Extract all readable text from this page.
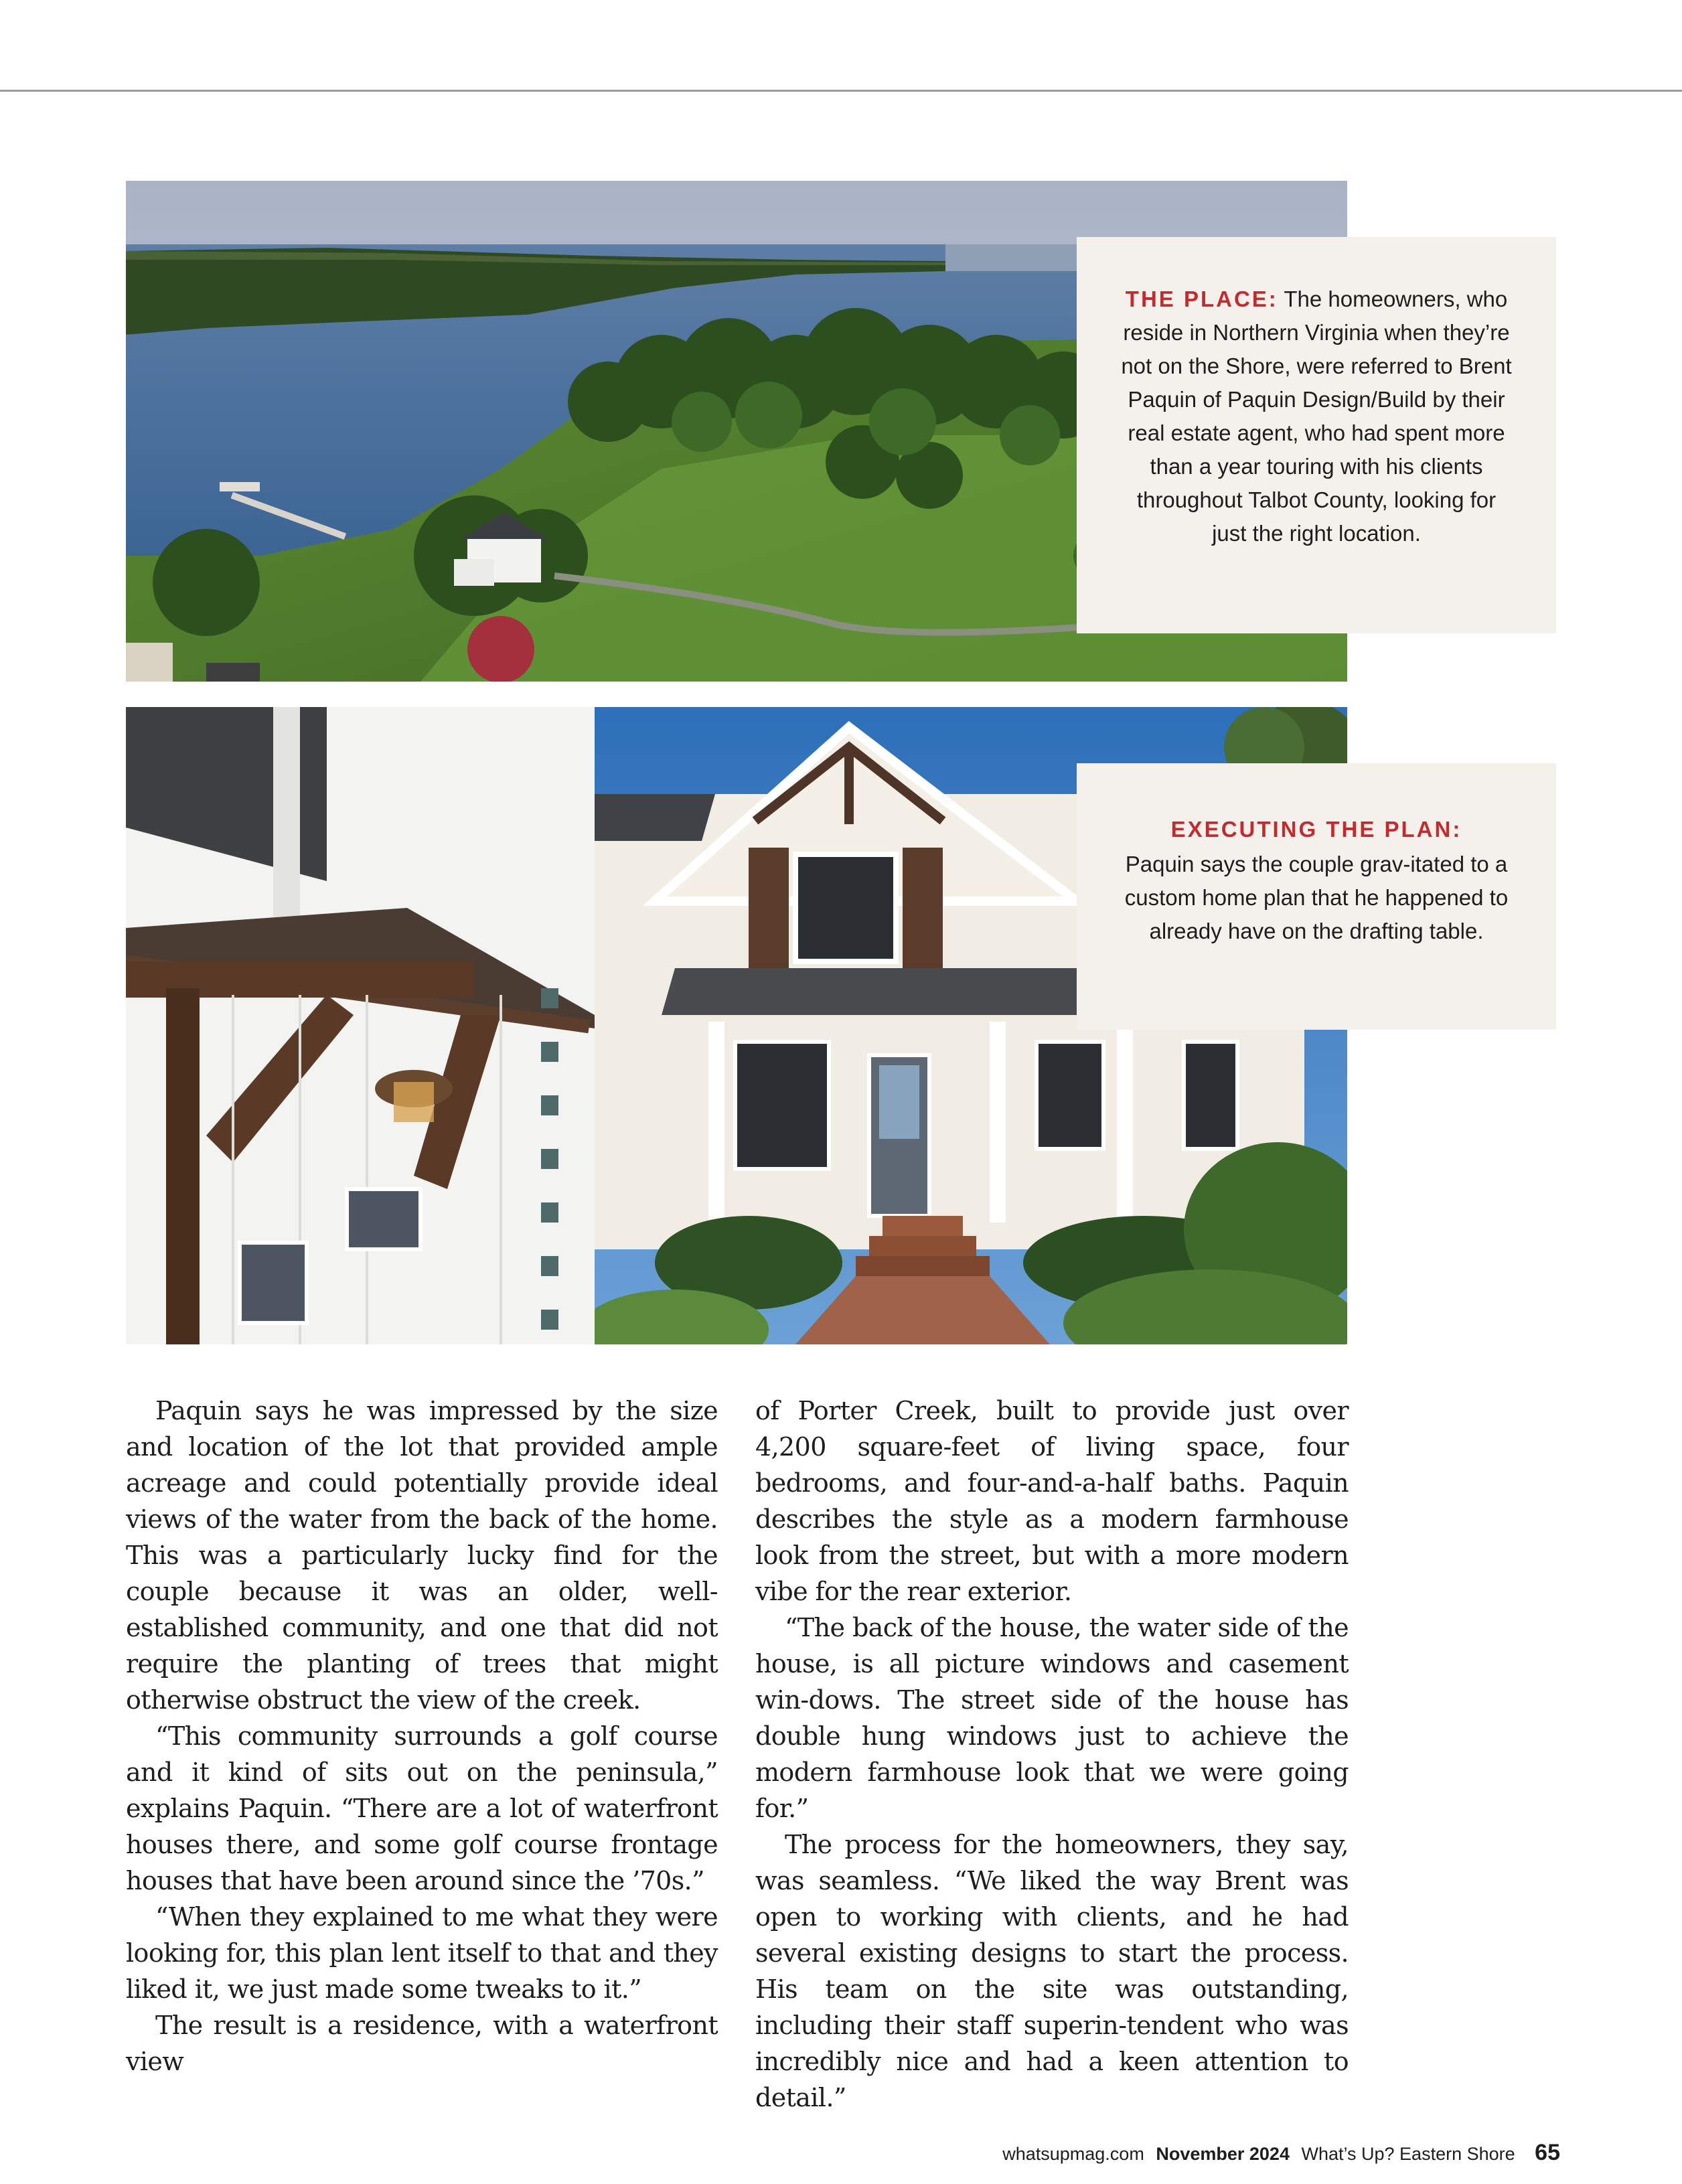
THE PLACE: The homeowners, who reside in Northern Virginia when they’re not on the Shore, were referred to Brent Paquin of Paquin Design/Build by their real estate agent, who had spent more than a year touring with his clients throughout Talbot County, looking for just the right location.
EXECUTING THE PLAN:
Paquin says the couple grav-itated to a custom home plan that he happened to already have on the drafting table.

Paquin says he was impressed by the size and location of the lot that provided ample acreage and could potentially provide ideal views of the water from the back of the home. This was a particularly lucky find for the couple because it was an older, well-established community, and one that did not require the planting of trees that might otherwise obstruct the view of the creek.

“This community surrounds a golf course and it kind of sits out on the peninsula,” explains Paquin. “There are a lot of waterfront houses there, and some golf course frontage houses that have been around since the ’70s.”

“When they explained to me what they were looking for, this plan lent itself to that and they liked it, we just made some tweaks to it.”

The result is a residence, with a waterfront view

of Porter Creek, built to provide just over 4,200 square-feet of living space, four bedrooms, and four-and-a-half baths. Paquin describes the style as a modern farmhouse look from the street, but with a more modern vibe for the rear exterior.

“The back of the house, the water side of the house, is all picture windows and casement win-dows. The street side of the house has double hung windows just to achieve the modern farmhouse look that we were going for.”

The process for the homeowners, they say, was seamless. “We liked the way Brent was open to working with clients, and he had several existing designs to start the process. His team on the site was outstanding, including their staff superin-tendent who was incredibly nice and had a keen attention to detail.”

whatsupmag.com November 2024 What’s Up? Eastern Shore 65
